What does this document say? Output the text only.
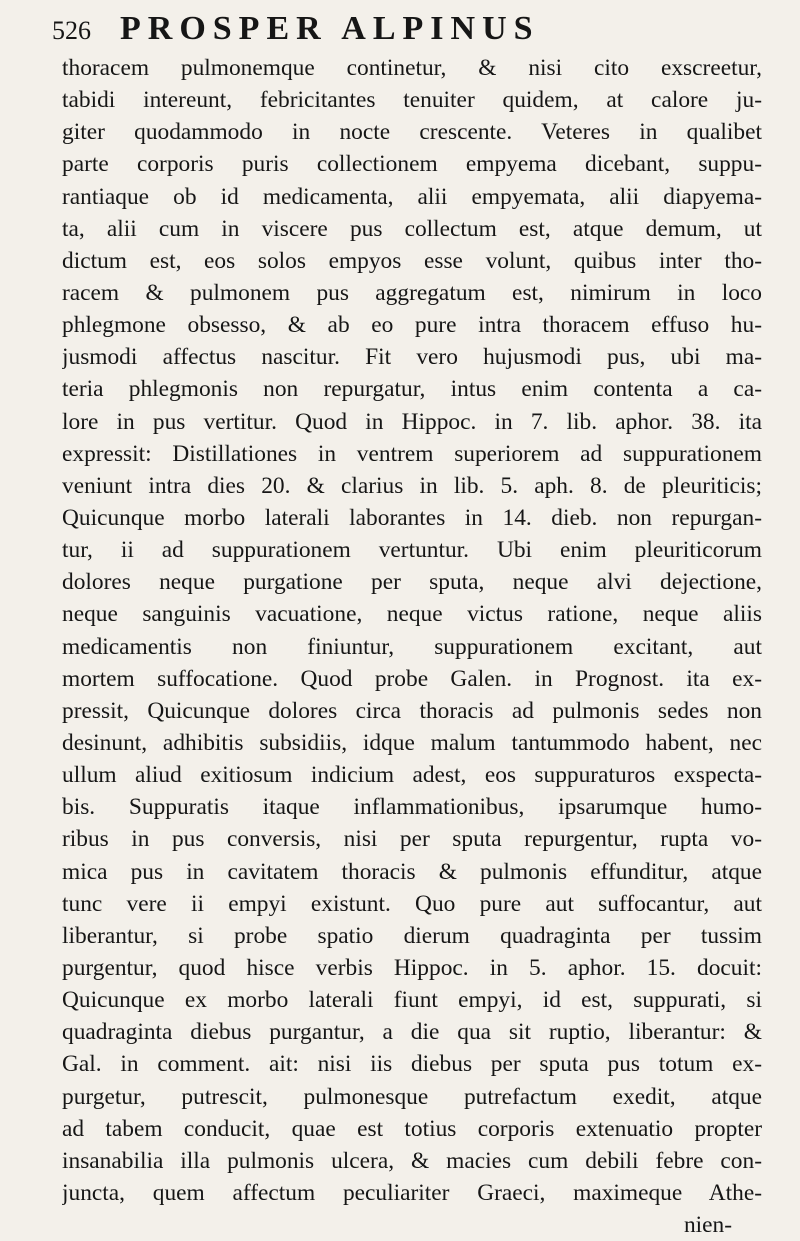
526 PROSPER ALPINUS
thoracem pulmonemque continetur, & nisi cito exscreetur,
tabidi intereunt, febricitantes tenuiter quidem, at calore ju-
giter quodammodo in nocte crescente. Veteres in qualibet
parte corporis puris collectionem empyema dicebant, suppu-
rantiaque ob id medicamenta, alii empyemata, alii diapyema-
ta, alii cum in viscere pus collectum est, atque demum, ut
dictum est, eos solos empyos esse volunt, quibus inter tho-
racem & pulmonem pus aggregatum est, nimirum in loco
phlegmone obsesso, & ab eo pure intra thoracem effuso hu-
jusmodi affectus nascitur. Fit vero hujusmodi pus, ubi ma-
teria phlegmonis non repurgatur, intus enim contenta a ca-
lore in pus vertitur. Quod in Hippoc. in 7. lib. aphor. 38. ita
expressit: Distillationes in ventrem superiorem ad suppurationem
veniunt intra dies 20. & clarius in lib. 5. aph. 8. de pleuriticis;
Quicunque morbo laterali laborantes in 14. dieb. non repurgan-
tur, ii ad suppurationem vertuntur. Ubi enim pleuriticorum
dolores neque purgatione per sputa, neque alvi dejectione,
neque sanguinis vacuatione, neque victus ratione, neque aliis
medicamentis non finiuntur, suppurationem excitant, aut
mortem suffocatione. Quod probe Galen. in Prognost. ita ex-
pressit, Quicunque dolores circa thoracis ad pulmonis sedes non
desinunt, adhibitis subsidiis, idque malum tantummodo habent, nec
ullum aliud exitiosum indicium adest, eos suppuraturos exspecta-
bis. Suppuratis itaque inflammationibus, ipsarumque humo-
ribus in pus conversis, nisi per sputa repurgentur, rupta vo-
mica pus in cavitatem thoracis & pulmonis effunditur, atque
tunc vere ii empyi existunt. Quo pure aut suffocantur, aut
liberantur, si probe spatio dierum quadraginta per tussim
purgentur, quod hisce verbis Hippoc. in 5. aphor. 15. docuit:
Quicunque ex morbo laterali fiunt empyi, id est, suppurati, si
quadraginta diebus purgantur, a die qua sit ruptio, liberantur: &
Gal. in comment. ait: nisi iis diebus per sputa pus totum ex-
purgetur, putrescit, pulmonesque putrefactum exedit, atque
ad tabem conducit, quae est totius corporis extenuatio propter
insanabilia illa pulmonis ulcera, & macies cum debili febre con-
juncta, quem affectum peculiariter Graeci, maximeque Athe-
nien-
